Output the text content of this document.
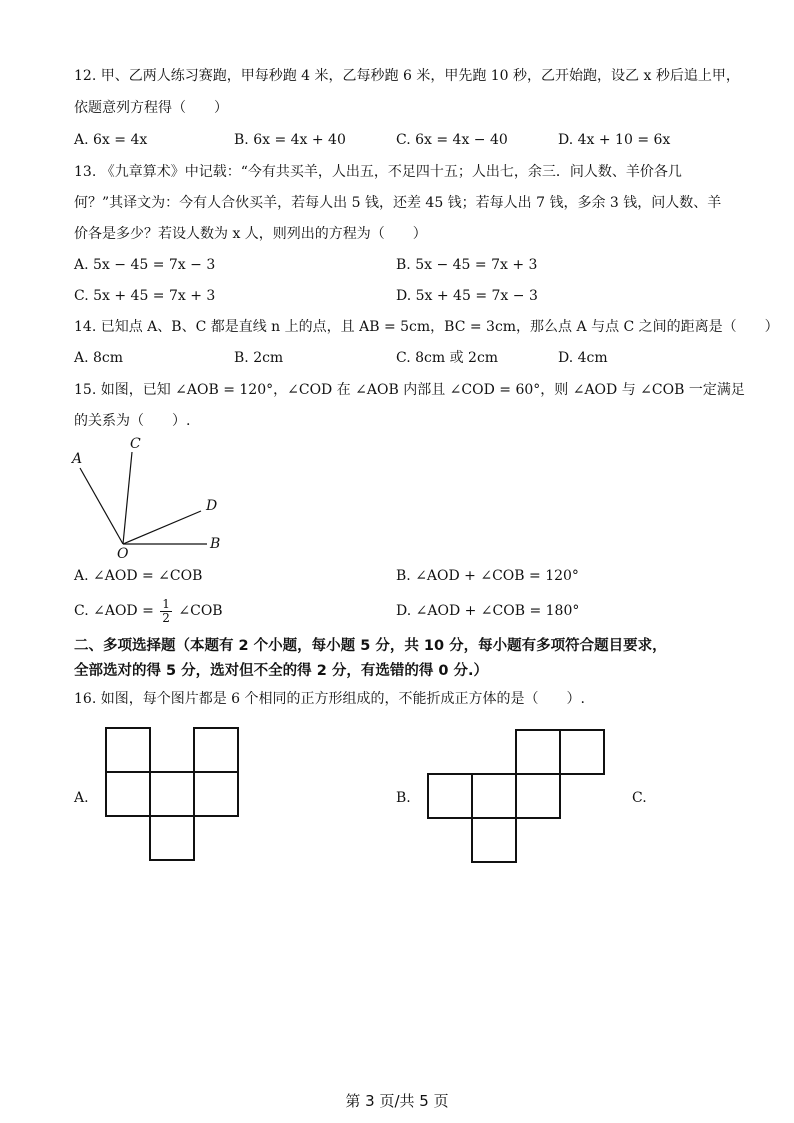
12. 甲、乙两人练习赛跑，甲每秒跑 4 米，乙每秒跑 6 米，甲先跑 10 秒，乙开始跑，设乙 x 秒后追上甲，
依题意列方程得（　　）
A. 6x = 4x	B. 6x = 4x + 40	C. 6x = 4x − 40	D. 4x + 10 = 6x
13. 《九章算术》中记载：“今有共买羊，人出五，不足四十五；人出七，余三．问人数、羊价各几
何？”其译文为：今有人合伙买羊，若每人出 5 钱，还差 45 钱；若每人出 7 钱，多余 3 钱，问人数、羊
价各是多少？若设人数为 x 人，则列出的方程为（　　）
A. 5x − 45 = 7x − 3	B. 5x − 45 = 7x + 3
C. 5x + 45 = 7x + 3	D. 5x + 45 = 7x − 3
14. 已知点 A、B、C 都是直线 n 上的点，且 AB = 5cm，BC = 3cm，那么点 A 与点 C 之间的距离是（　　）
A. 8cm	B. 2cm	C. 8cm 或 2cm	D. 4cm
15. 如图，已知 ∠AOB = 120°，∠COD 在 ∠AOB 内部且 ∠COD = 60°，则 ∠AOD 与 ∠COB 一定满足
的关系为（　　）.
A
C
D
O
B
A. ∠AOD = ∠COB	B. ∠AOD + ∠COB = 120°
C. ∠AOD = $\frac{1}{2}$ ∠COB	D. ∠AOD + ∠COB = 180°
二、多项选择题（本题有 2 个小题，每小题 5 分，共 10 分，每小题有多项符合题目要求，
全部选对的得 5 分，选对但不全的得 2 分，有选错的得 0 分.）
16. 如图，每个图片都是 6 个相同的正方形组成的，不能折成正方体的是（　　）.
A.	B.	C.
第 3 页/共 5 页
